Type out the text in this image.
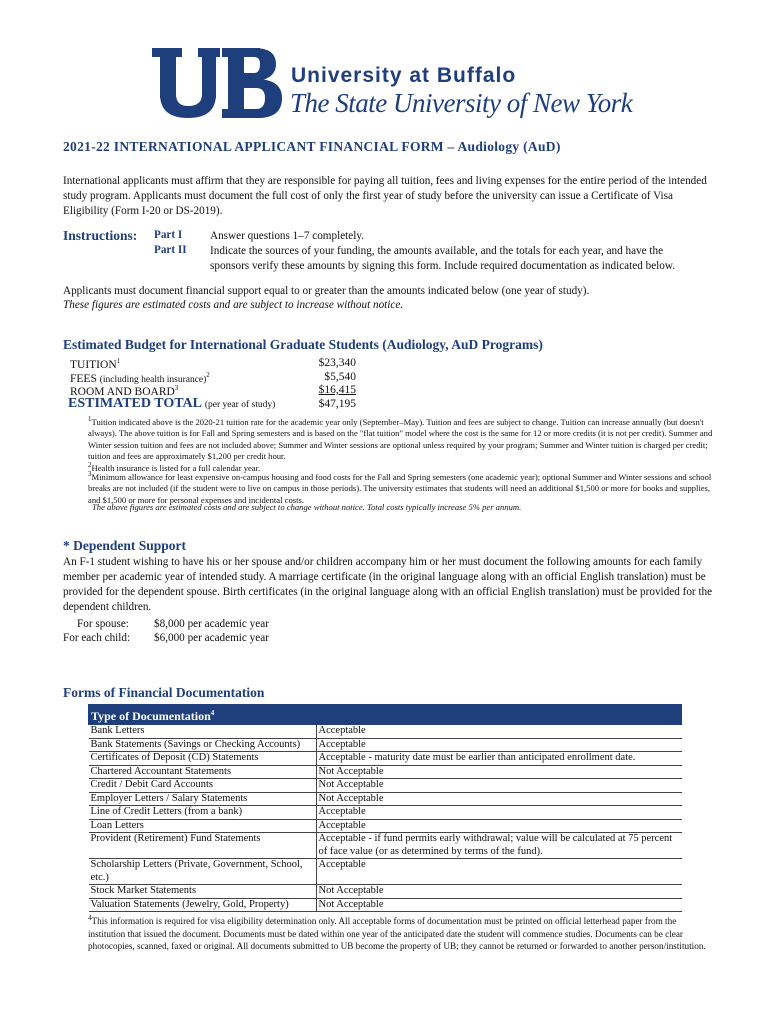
University at Buffalo
The State University of New York
2021-22 INTERNATIONAL APPLICANT FINANCIAL FORM – Audiology (AuD)
International applicants must affirm that they are responsible for paying all tuition, fees and living expenses for the entire period of the intended study program. Applicants must document the full cost of only the first year of study before the university can issue a Certificate of Visa Eligibility (Form I-20 or DS-2019).
Instructions: Part I Answer questions 1–7 completely.
Part II Indicate the sources of your funding, the amounts available, and the totals for each year, and have the sponsors verify these amounts by signing this form. Include required documentation as indicated below.
Applicants must document financial support equal to or greater than the amounts indicated below (one year of study).
These figures are estimated costs and are subject to increase without notice.
Estimated Budget for International Graduate Students (Audiology, AuD Programs)
TUITION$^1$	$23,340
FEES (including health insurance)$^2$	$5,540
ROOM AND BOARD$^3$	$16,415
ESTIMATED TOTAL (per year of study)	$47,195
$^1$Tuition indicated above is the 2020-21 tuition rate for the academic year only (September–May). Tuition and fees are subject to change. Tuition can increase annually (but doesn't always). The above tuition is for Fall and Spring semesters and is based on the "flat tuition" model where the cost is the same for 12 or more credits (it is not per credit). Summer and Winter session tuition and fees are not included above; Summer and Winter sessions are optional unless required by your program; Summer and Winter tuition is charged per credit; tuition and fees are approximately $1,200 per credit hour.
$^2$Health insurance is listed for a full calendar year.
$^3$Minimum allowance for least expensive on-campus housing and food costs for the Fall and Spring semesters (one academic year); optional Summer and Winter sessions and school breaks are not included (if the student were to live on campus in those periods). The university estimates that students will need an additional $1,500 or more for books and supplies, and $1,500 or more for personal expenses and incidental costs.
The above figures are estimated costs and are subject to change without notice. Total costs typically increase 5% per annum.
* Dependent Support
An F-1 student wishing to have his or her spouse and/or children accompany him or her must document the following amounts for each family member per academic year of intended study. A marriage certificate (in the original language along with an official English translation) must be provided for the dependent spouse. Birth certificates (in the original language along with an official English translation) must be provided for the dependent children.
For spouse: $8,000 per academic year
For each child: $6,000 per academic year
Forms of Financial Documentation
Type of Documentation$^4$
Bank Letters	Acceptable
Bank Statements (Savings or Checking Accounts)	Acceptable
Certificates of Deposit (CD) Statements	Acceptable - maturity date must be earlier than anticipated enrollment date.
Chartered Accountant Statements	Not Acceptable
Credit / Debit Card Accounts	Not Acceptable
Employer Letters / Salary Statements	Not Acceptable
Line of Credit Letters (from a bank)	Acceptable
Loan Letters	Acceptable
Provident (Retirement) Fund Statements	Acceptable - if fund permits early withdrawal; value will be calculated at 75 percent of face value (or as determined by terms of the fund).
Scholarship Letters (Private, Government, School, etc.)	Acceptable
Stock Market Statements	Not Acceptable
Valuation Statements (Jewelry, Gold, Property)	Not Acceptable
$^4$This information is required for visa eligibility determination only. All acceptable forms of documentation must be printed on official letterhead paper from the institution that issued the document. Documents must be dated within one year of the anticipated date the student will commence studies. Documents can be clear photocopies, scanned, faxed or original. All documents submitted to UB become the property of UB; they cannot be returned or forwarded to another person/institution.
